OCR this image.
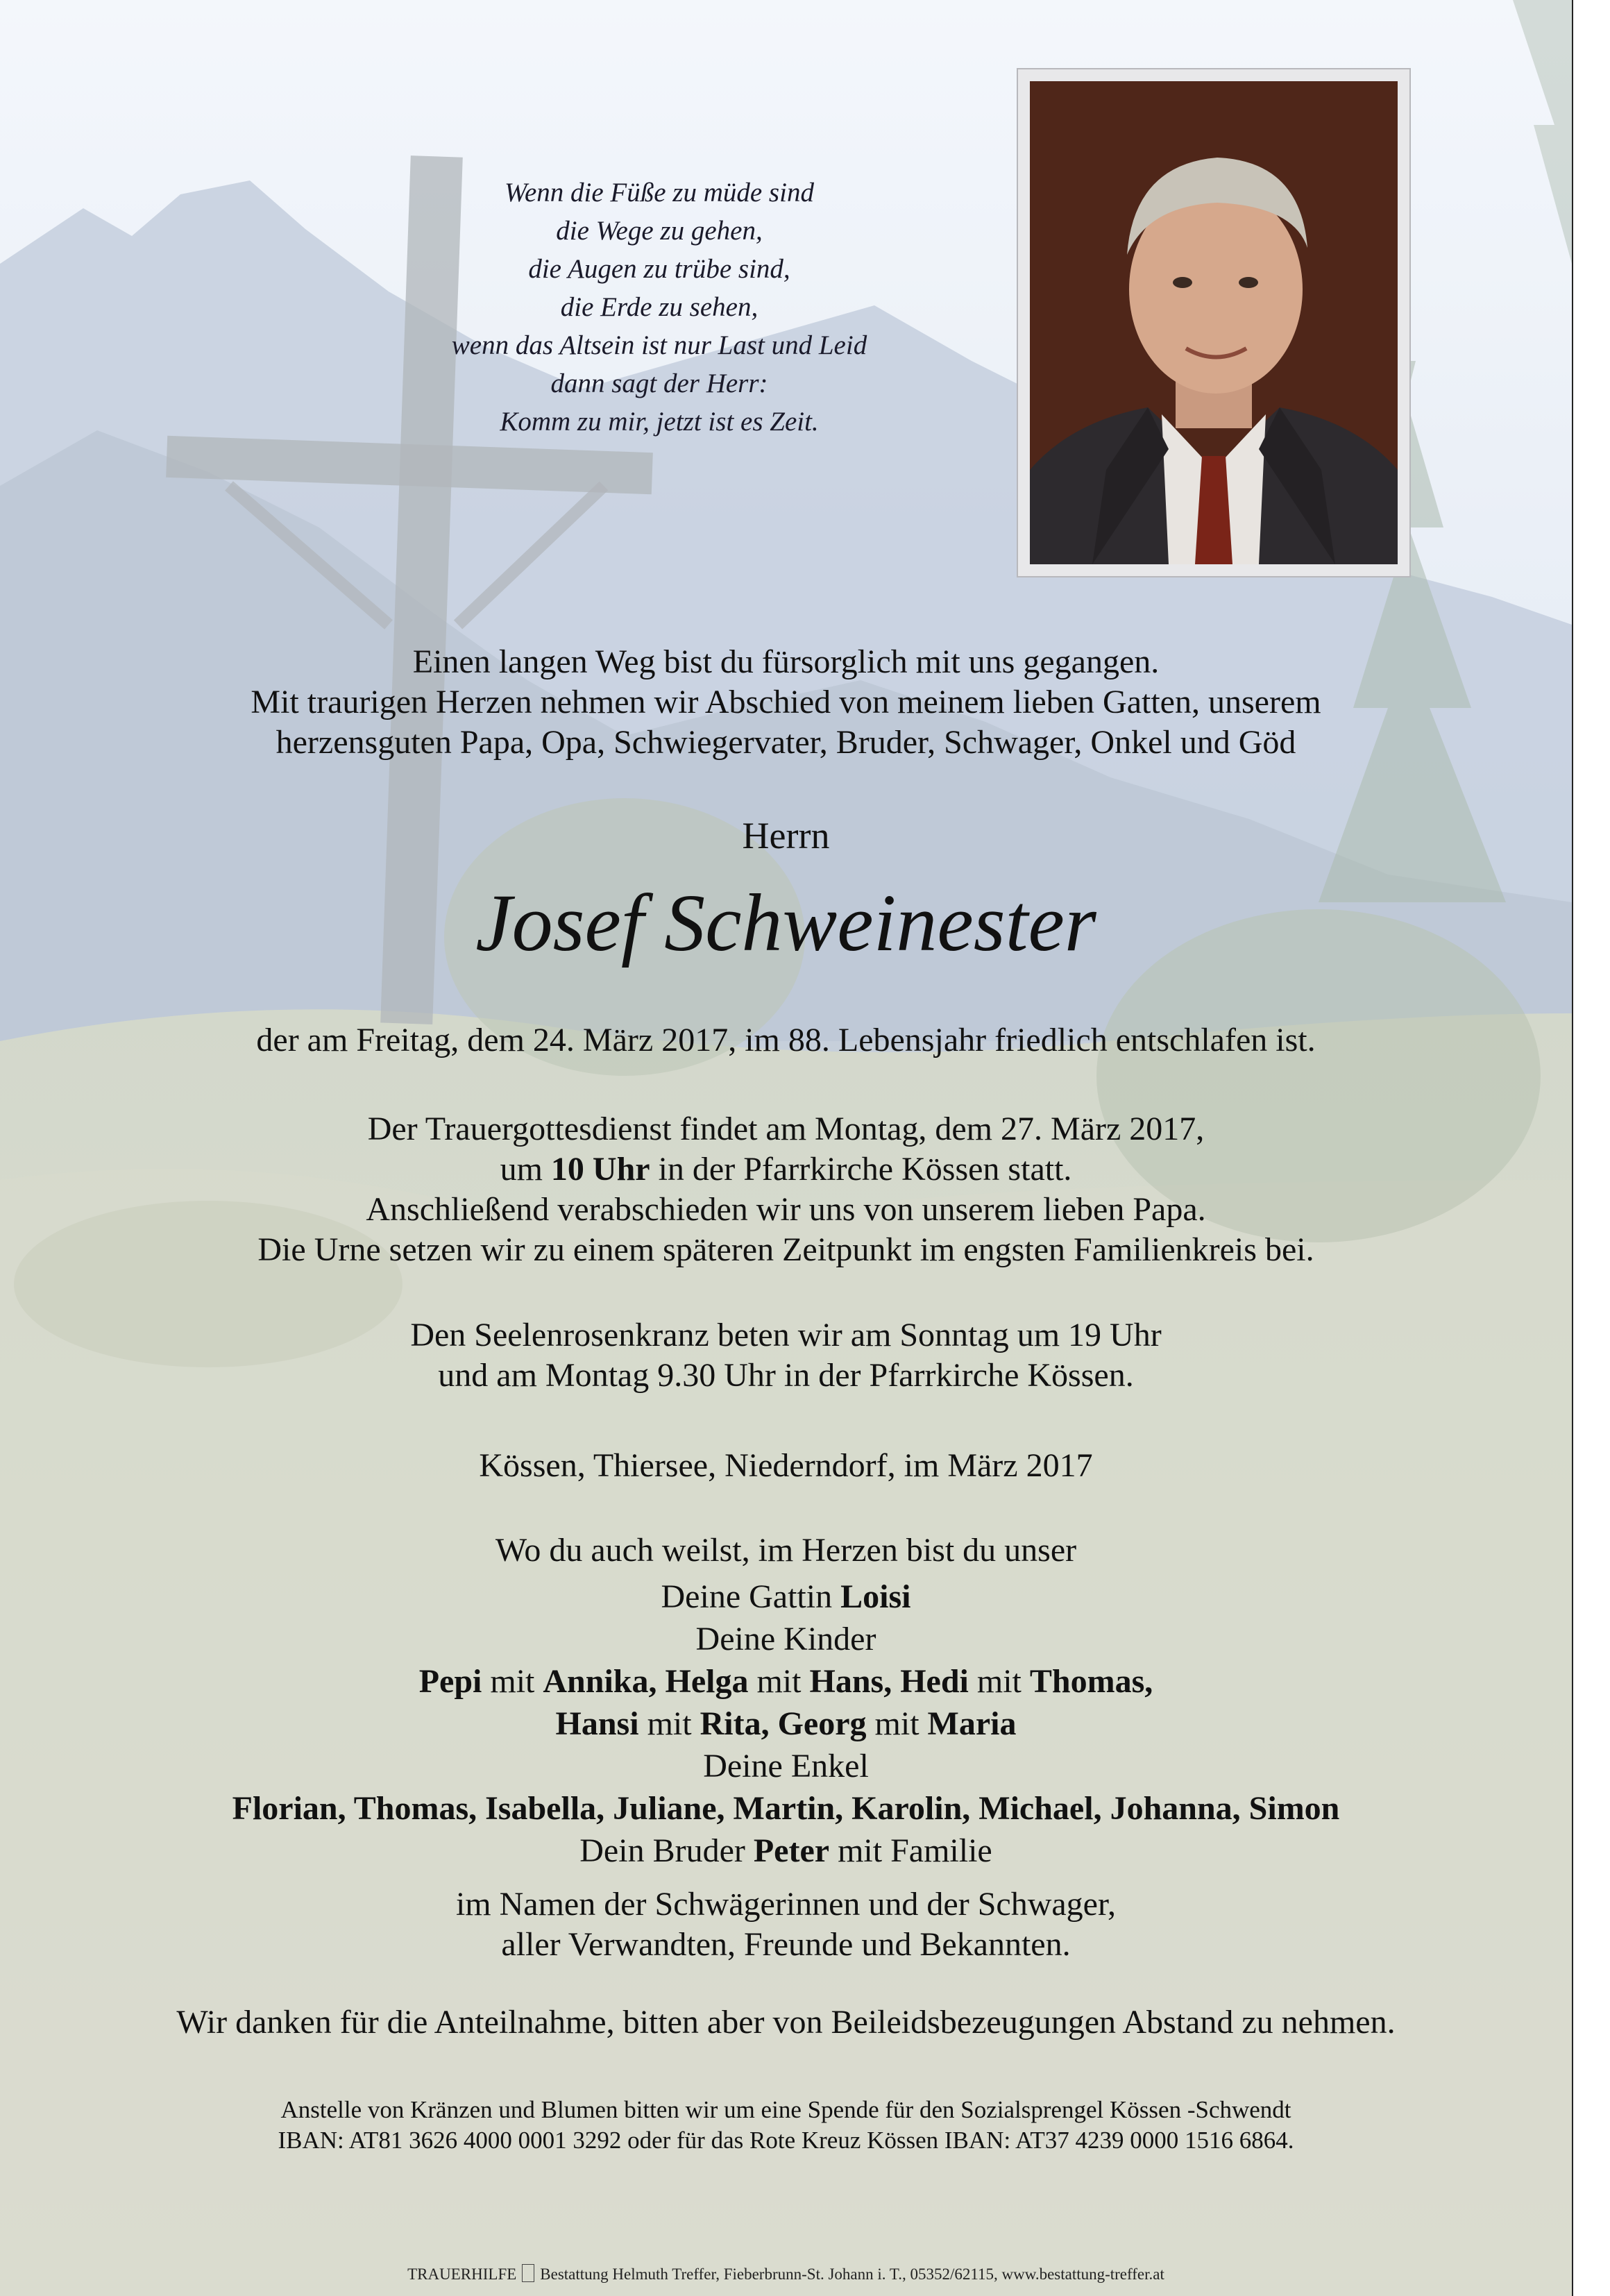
Wenn die Füße zu müde sind
die Wege zu gehen,
die Augen zu trübe sind,
die Erde zu sehen,
wenn das Altsein ist nur Last und Leid
dann sagt der Herr:
Komm zu mir, jetzt ist es Zeit.
Einen langen Weg bist du fürsorglich mit uns gegangen.
Mit traurigen Herzen nehmen wir Abschied von meinem lieben Gatten, unserem
herzensguten Papa, Opa, Schwiegervater, Bruder, Schwager, Onkel und Göd
Herrn
Josef Schweinester
der am Freitag, dem 24. März 2017, im 88. Lebensjahr friedlich entschlafen ist.
Der Trauergottesdienst findet am Montag, dem 27. März 2017,
um 10 Uhr in der Pfarrkirche Kössen statt.
Anschließend verabschieden wir uns von unserem lieben Papa.
Die Urne setzen wir zu einem späteren Zeitpunkt im engsten Familienkreis bei.
Den Seelenrosenkranz beten wir am Sonntag um 19 Uhr
und am Montag 9.30 Uhr in der Pfarrkirche Kössen.
Kössen, Thiersee, Niederndorf, im März 2017
Wo du auch weilst, im Herzen bist du unser
Deine Gattin Loisi
Deine Kinder
Pepi mit Annika, Helga mit Hans, Hedi mit Thomas,
Hansi mit Rita, Georg mit Maria
Deine Enkel
Florian, Thomas, Isabella, Juliane, Martin, Karolin, Michael, Johanna, Simon
Dein Bruder Peter mit Familie
im Namen der Schwägerinnen und der Schwager,
aller Verwandten, Freunde und Bekannten.
Wir danken für die Anteilnahme, bitten aber von Beileidsbezeugungen Abstand zu nehmen.
Anstelle von Kränzen und Blumen bitten wir um eine Spende für den Sozialsprengel Kössen -Schwendt
IBAN: AT81 3626 4000 0001 3292 oder für das Rote Kreuz Kössen IBAN: AT37 4239 0000 1516 6864.
TRAUERHILFE Bestattung Helmuth Treffer, Fieberbrunn-St. Johann i. T., 05352/62115, www.bestattung-treffer.at
